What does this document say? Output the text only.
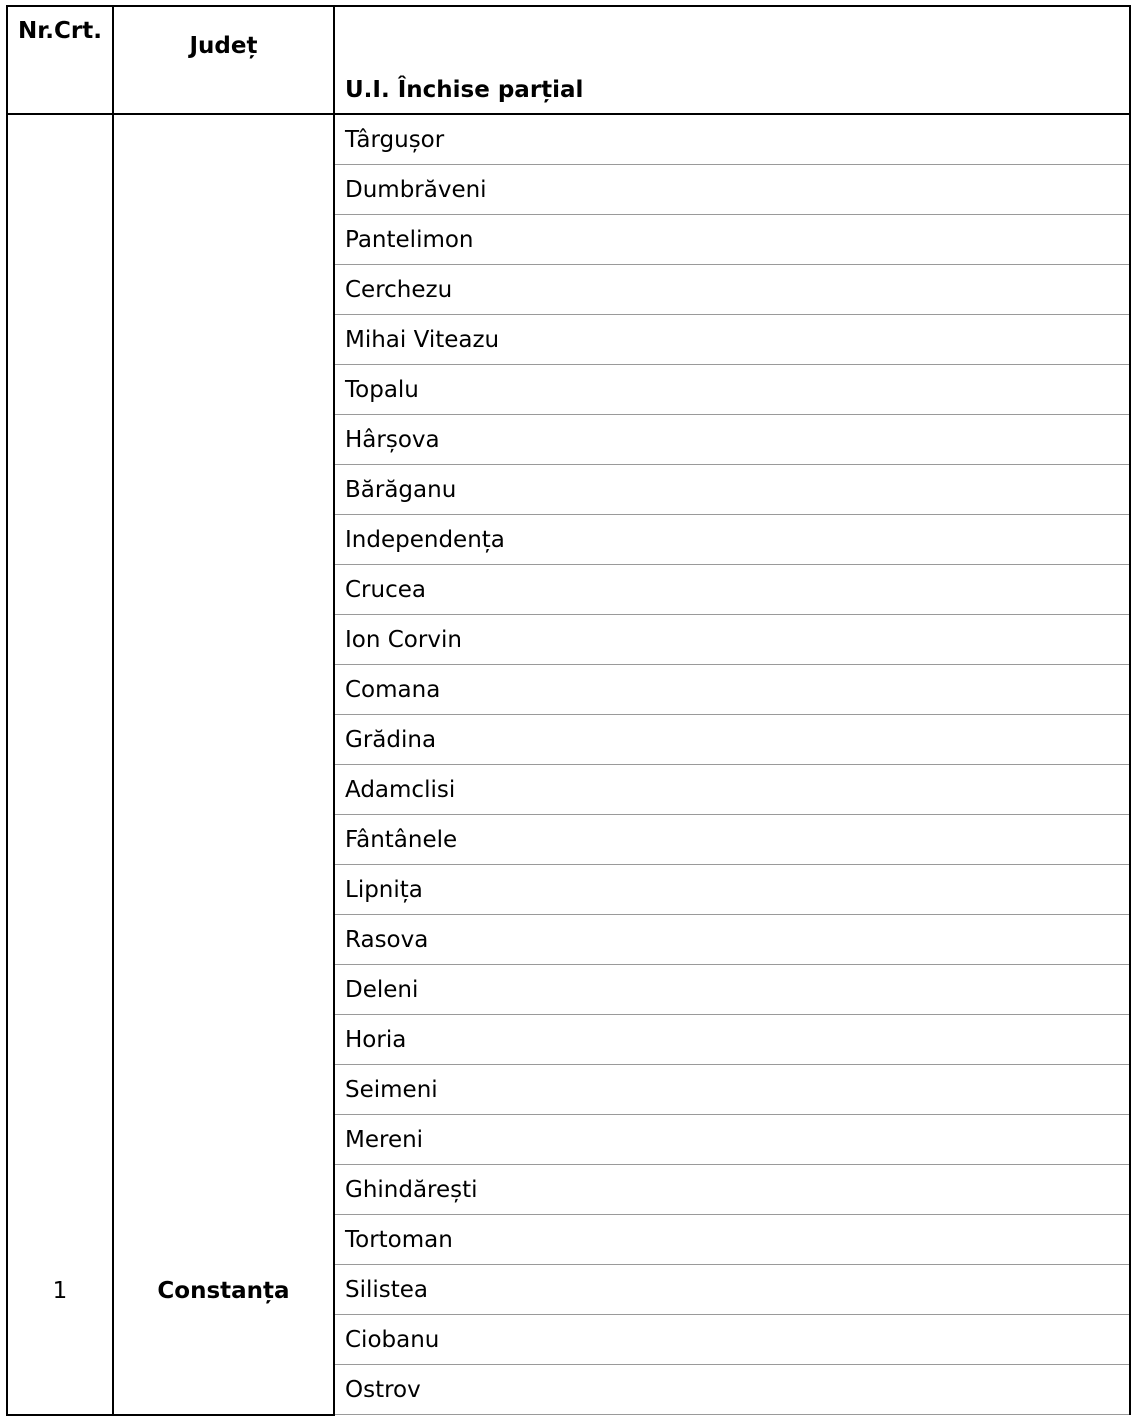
Nr.Crt.	Județ	U.I. Închise parțial
1	Constanța	Târgușor
		Dumbrăveni
		Pantelimon
		Cerchezu
		Mihai Viteazu
		Topalu
		Hârșova
		Bărăganu
		Independența
		Crucea
		Ion Corvin
		Comana
		Grădina
		Adamclisi
		Fântânele
		Lipnița
		Rasova
		Deleni
		Horia
		Seimeni
		Mereni
		Ghindărești
		Tortoman
		Silistea
		Ciobanu
		Ostrov
